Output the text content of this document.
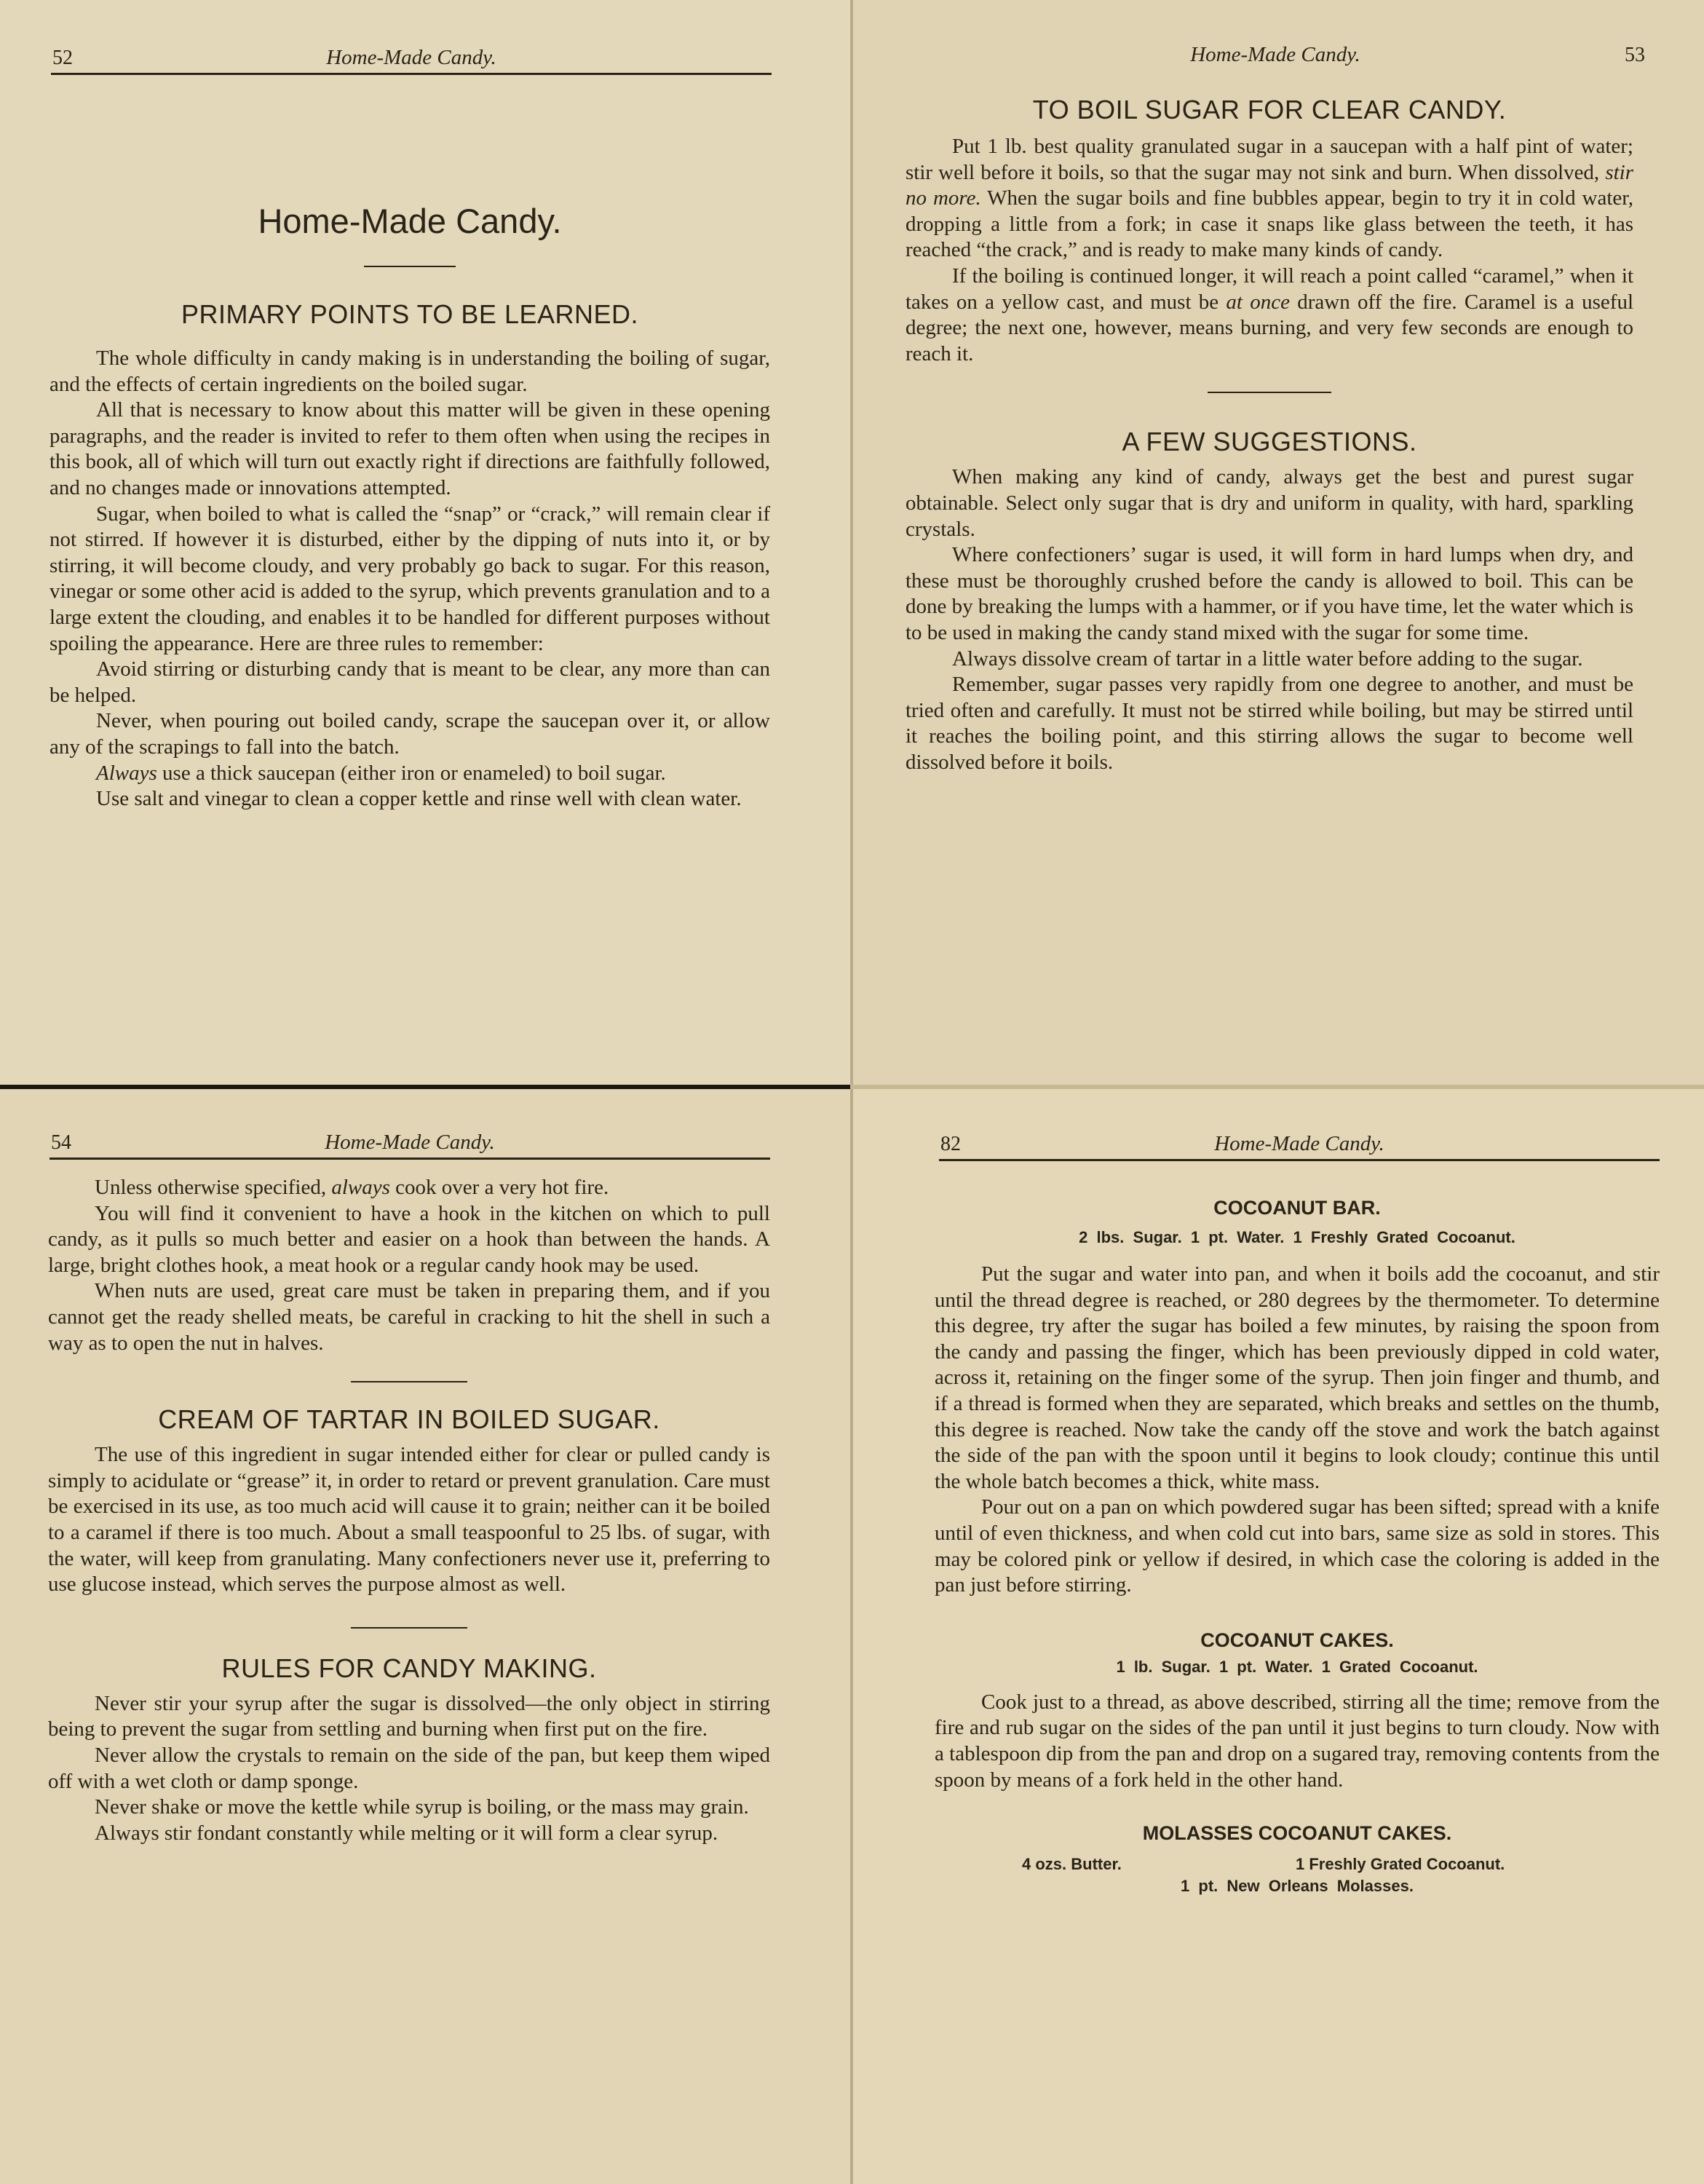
52	Home-Made Candy.
Home-Made Candy.
PRIMARY POINTS TO BE LEARNED.

The whole difficulty in candy making is in understanding the boiling of sugar, and the effects of certain ingredients on the boiled sugar.

All that is necessary to know about this matter will be given in these opening paragraphs, and the reader is invited to refer to them often when using the recipes in this book, all of which will turn out exactly right if directions are faithfully followed, and no changes made or innovations attempted.

Sugar, when boiled to what is called the “snap” or “crack,” will remain clear if not stirred. If however it is disturbed, either by the dipping of nuts into it, or by stirring, it will become cloudy, and very probably go back to sugar. For this reason, vinegar or some other acid is added to the syrup, which prevents granulation and to a large extent the clouding, and enables it to be handled for different purposes without spoiling the appearance. Here are three rules to remember:

Avoid stirring or disturbing candy that is meant to be clear, any more than can be helped.

Never, when pouring out boiled candy, scrape the saucepan over it, or allow any of the scrapings to fall into the batch.

Always use a thick saucepan (either iron or enameled) to boil sugar.

Use salt and vinegar to clean a copper kettle and rinse well with clean water.

Home-Made Candy.	53
TO BOIL SUGAR FOR CLEAR CANDY.

Put 1 lb. best quality granulated sugar in a saucepan with a half pint of water; stir well before it boils, so that the sugar may not sink and burn. When dissolved, stir no more. When the sugar boils and fine bubbles appear, begin to try it in cold water, dropping a little from a fork; in case it snaps like glass between the teeth, it has reached “the crack,” and is ready to make many kinds of candy.

If the boiling is continued longer, it will reach a point called “caramel,” when it takes on a yellow cast, and must be at once drawn off the fire. Caramel is a useful degree; the next one, however, means burning, and very few seconds are enough to reach it.

A FEW SUGGESTIONS.

When making any kind of candy, always get the best and purest sugar obtainable. Select only sugar that is dry and uniform in quality, with hard, sparkling crystals.

Where confectioners’ sugar is used, it will form in hard lumps when dry, and these must be thoroughly crushed before the candy is allowed to boil. This can be done by breaking the lumps with a hammer, or if you have time, let the water which is to be used in making the candy stand mixed with the sugar for some time.

Always dissolve cream of tartar in a little water before adding to the sugar.

Remember, sugar passes very rapidly from one degree to another, and must be tried often and carefully. It must not be stirred while boiling, but may be stirred until it reaches the boiling point, and this stirring allows the sugar to become well dissolved before it boils.

54	Home-Made Candy.

Unless otherwise specified, always cook over a very hot fire.

You will find it convenient to have a hook in the kitchen on which to pull candy, as it pulls so much better and easier on a hook than between the hands. A large, bright clothes hook, a meat hook or a regular candy hook may be used.

When nuts are used, great care must be taken in preparing them, and if you cannot get the ready shelled meats, be careful in cracking to hit the shell in such a way as to open the nut in halves.

CREAM OF TARTAR IN BOILED SUGAR.

The use of this ingredient in sugar intended either for clear or pulled candy is simply to acidulate or “grease” it, in order to retard or prevent granulation. Care must be exercised in its use, as too much acid will cause it to grain; neither can it be boiled to a caramel if there is too much. About a small teaspoonful to 25 lbs. of sugar, with the water, will keep from granulating. Many confectioners never use it, preferring to use glucose instead, which serves the purpose almost as well.

RULES FOR CANDY MAKING.

Never stir your syrup after the sugar is dissolved—the only object in stirring being to prevent the sugar from settling and burning when first put on the fire.

Never allow the crystals to remain on the side of the pan, but keep them wiped off with a wet cloth or damp sponge.

Never shake or move the kettle while syrup is boiling, or the mass may grain.

Always stir fondant constantly while melting or it will form a clear syrup.

82	Home-Made Candy.
COCOANUT BAR.

2 lbs. Sugar. 1 pt. Water. 1 Freshly Grated Cocoanut.

Put the sugar and water into pan, and when it boils add the cocoanut, and stir until the thread degree is reached, or 280 degrees by the thermometer. To determine this degree, try after the sugar has boiled a few minutes, by raising the spoon from the candy and passing the finger, which has been previously dipped in cold water, across it, retaining on the finger some of the syrup. Then join finger and thumb, and if a thread is formed when they are separated, which breaks and settles on the thumb, this degree is reached. Now take the candy off the stove and work the batch against the side of the pan with the spoon until it begins to look cloudy; continue this until the whole batch becomes a thick, white mass.

Pour out on a pan on which powdered sugar has been sifted; spread with a knife until of even thickness, and when cold cut into bars, same size as sold in stores. This may be colored pink or yellow if desired, in which case the coloring is added in the pan just before stirring.

COCOANUT CAKES.

1 lb. Sugar. 1 pt. Water. 1 Grated Cocoanut.

Cook just to a thread, as above described, stirring all the time; remove from the fire and rub sugar on the sides of the pan until it just begins to turn cloudy. Now with a tablespoon dip from the pan and drop on a sugared tray, removing contents from the spoon by means of a fork held in the other hand.

MOLASSES COCOANUT CAKES.
4 ozs. Butter.	1 Freshly Grated Cocoanut.

1 pt. New Orleans Molasses.
